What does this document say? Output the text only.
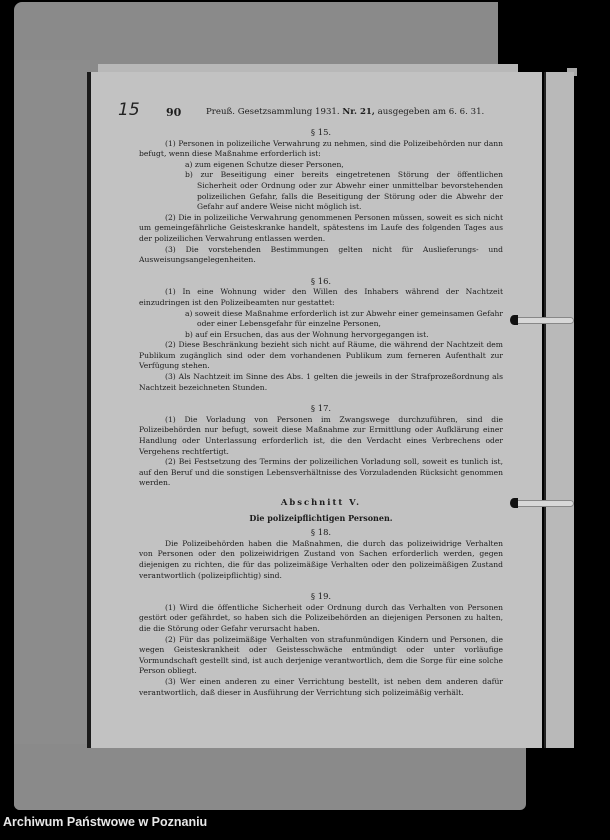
15 90	Preuß. Gesetzsammlung 1931. Nr. 21, ausgegeben am 6. 6. 31.
§ 15.

(1) Personen in polizeiliche Verwahrung zu nehmen, sind die Polizeibehörden nur dann befugt, wenn diese Maßnahme erforderlich ist:

a) zum eigenen Schutze dieser Personen,

b) zur Beseitigung einer bereits eingetretenen Störung der öffentlichen Sicherheit oder Ordnung oder zur Abwehr einer unmittelbar bevorstehenden polizeilichen Gefahr, falls die Beseitigung der Störung oder die Abwehr der Gefahr auf andere Weise nicht möglich ist.

(2) Die in polizeiliche Verwahrung genommenen Personen müssen, soweit es sich nicht um gemeingefährliche Geisteskranke handelt, spätestens im Laufe des folgenden Tages aus der polizeilichen Verwahrung entlassen werden.

(3) Die vorstehenden Bestimmungen gelten nicht für Auslieferungs- und Ausweisungsangelegenheiten.

§ 16.

(1) In eine Wohnung wider den Willen des Inhabers während der Nachtzeit einzudringen ist den Polizeibeamten nur gestattet:

a) soweit diese Maßnahme erforderlich ist zur Abwehr einer gemeinsamen Gefahr oder einer Lebensgefahr für einzelne Personen,

b) auf ein Ersuchen, das aus der Wohnung hervorgegangen ist.

(2) Diese Beschränkung bezieht sich nicht auf Räume, die während der Nachtzeit dem Publikum zugänglich sind oder dem vorhandenen Publikum zum ferneren Aufenthalt zur Verfügung stehen.

(3) Als Nachtzeit im Sinne des Abs. 1 gelten die jeweils in der Strafprozeßordnung als Nachtzeit bezeichneten Stunden.

§ 17.

(1) Die Vorladung von Personen im Zwangswege durchzuführen, sind die Polizeibehörden nur befugt, soweit diese Maßnahme zur Ermittlung oder Aufklärung einer Handlung oder Unterlassung erforderlich ist, die den Verdacht eines Verbrechens oder Vergehens rechtfertigt.

(2) Bei Festsetzung des Termins der polizeilichen Vorladung soll, soweit es tunlich ist, auf den Beruf und die sonstigen Lebensverhältnisse des Vorzuladenden Rücksicht genommen werden.

Abschnitt V.
Die polizeipflichtigen Personen.
§ 18.

Die Polizeibehörden haben die Maßnahmen, die durch das polizeiwidrige Verhalten von Personen oder den polizeiwidrigen Zustand von Sachen erforderlich werden, gegen diejenigen zu richten, die für das polizeimäßige Verhalten oder den polizeimäßigen Zustand verantwortlich (polizeipflichtig) sind.

§ 19.

(1) Wird die öffentliche Sicherheit oder Ordnung durch das Verhalten von Personen gestört oder gefährdet, so haben sich die Polizeibehörden an diejenigen Personen zu halten, die die Störung oder Gefahr verursacht haben.

(2) Für das polizeimäßige Verhalten von strafunmündigen Kindern und Personen, die wegen Geisteskrankheit oder Geistesschwäche entmündigt oder unter vorläufige Vormundschaft gestellt sind, ist auch derjenige verantwortlich, dem die Sorge für eine solche Person obliegt.

(3) Wer einen anderen zu einer Verrichtung bestellt, ist neben dem anderen dafür verantwortlich, daß dieser in Ausführung der Verrichtung sich polizeimäßig verhält.

Archiwum Państwowe w Poznaniu
